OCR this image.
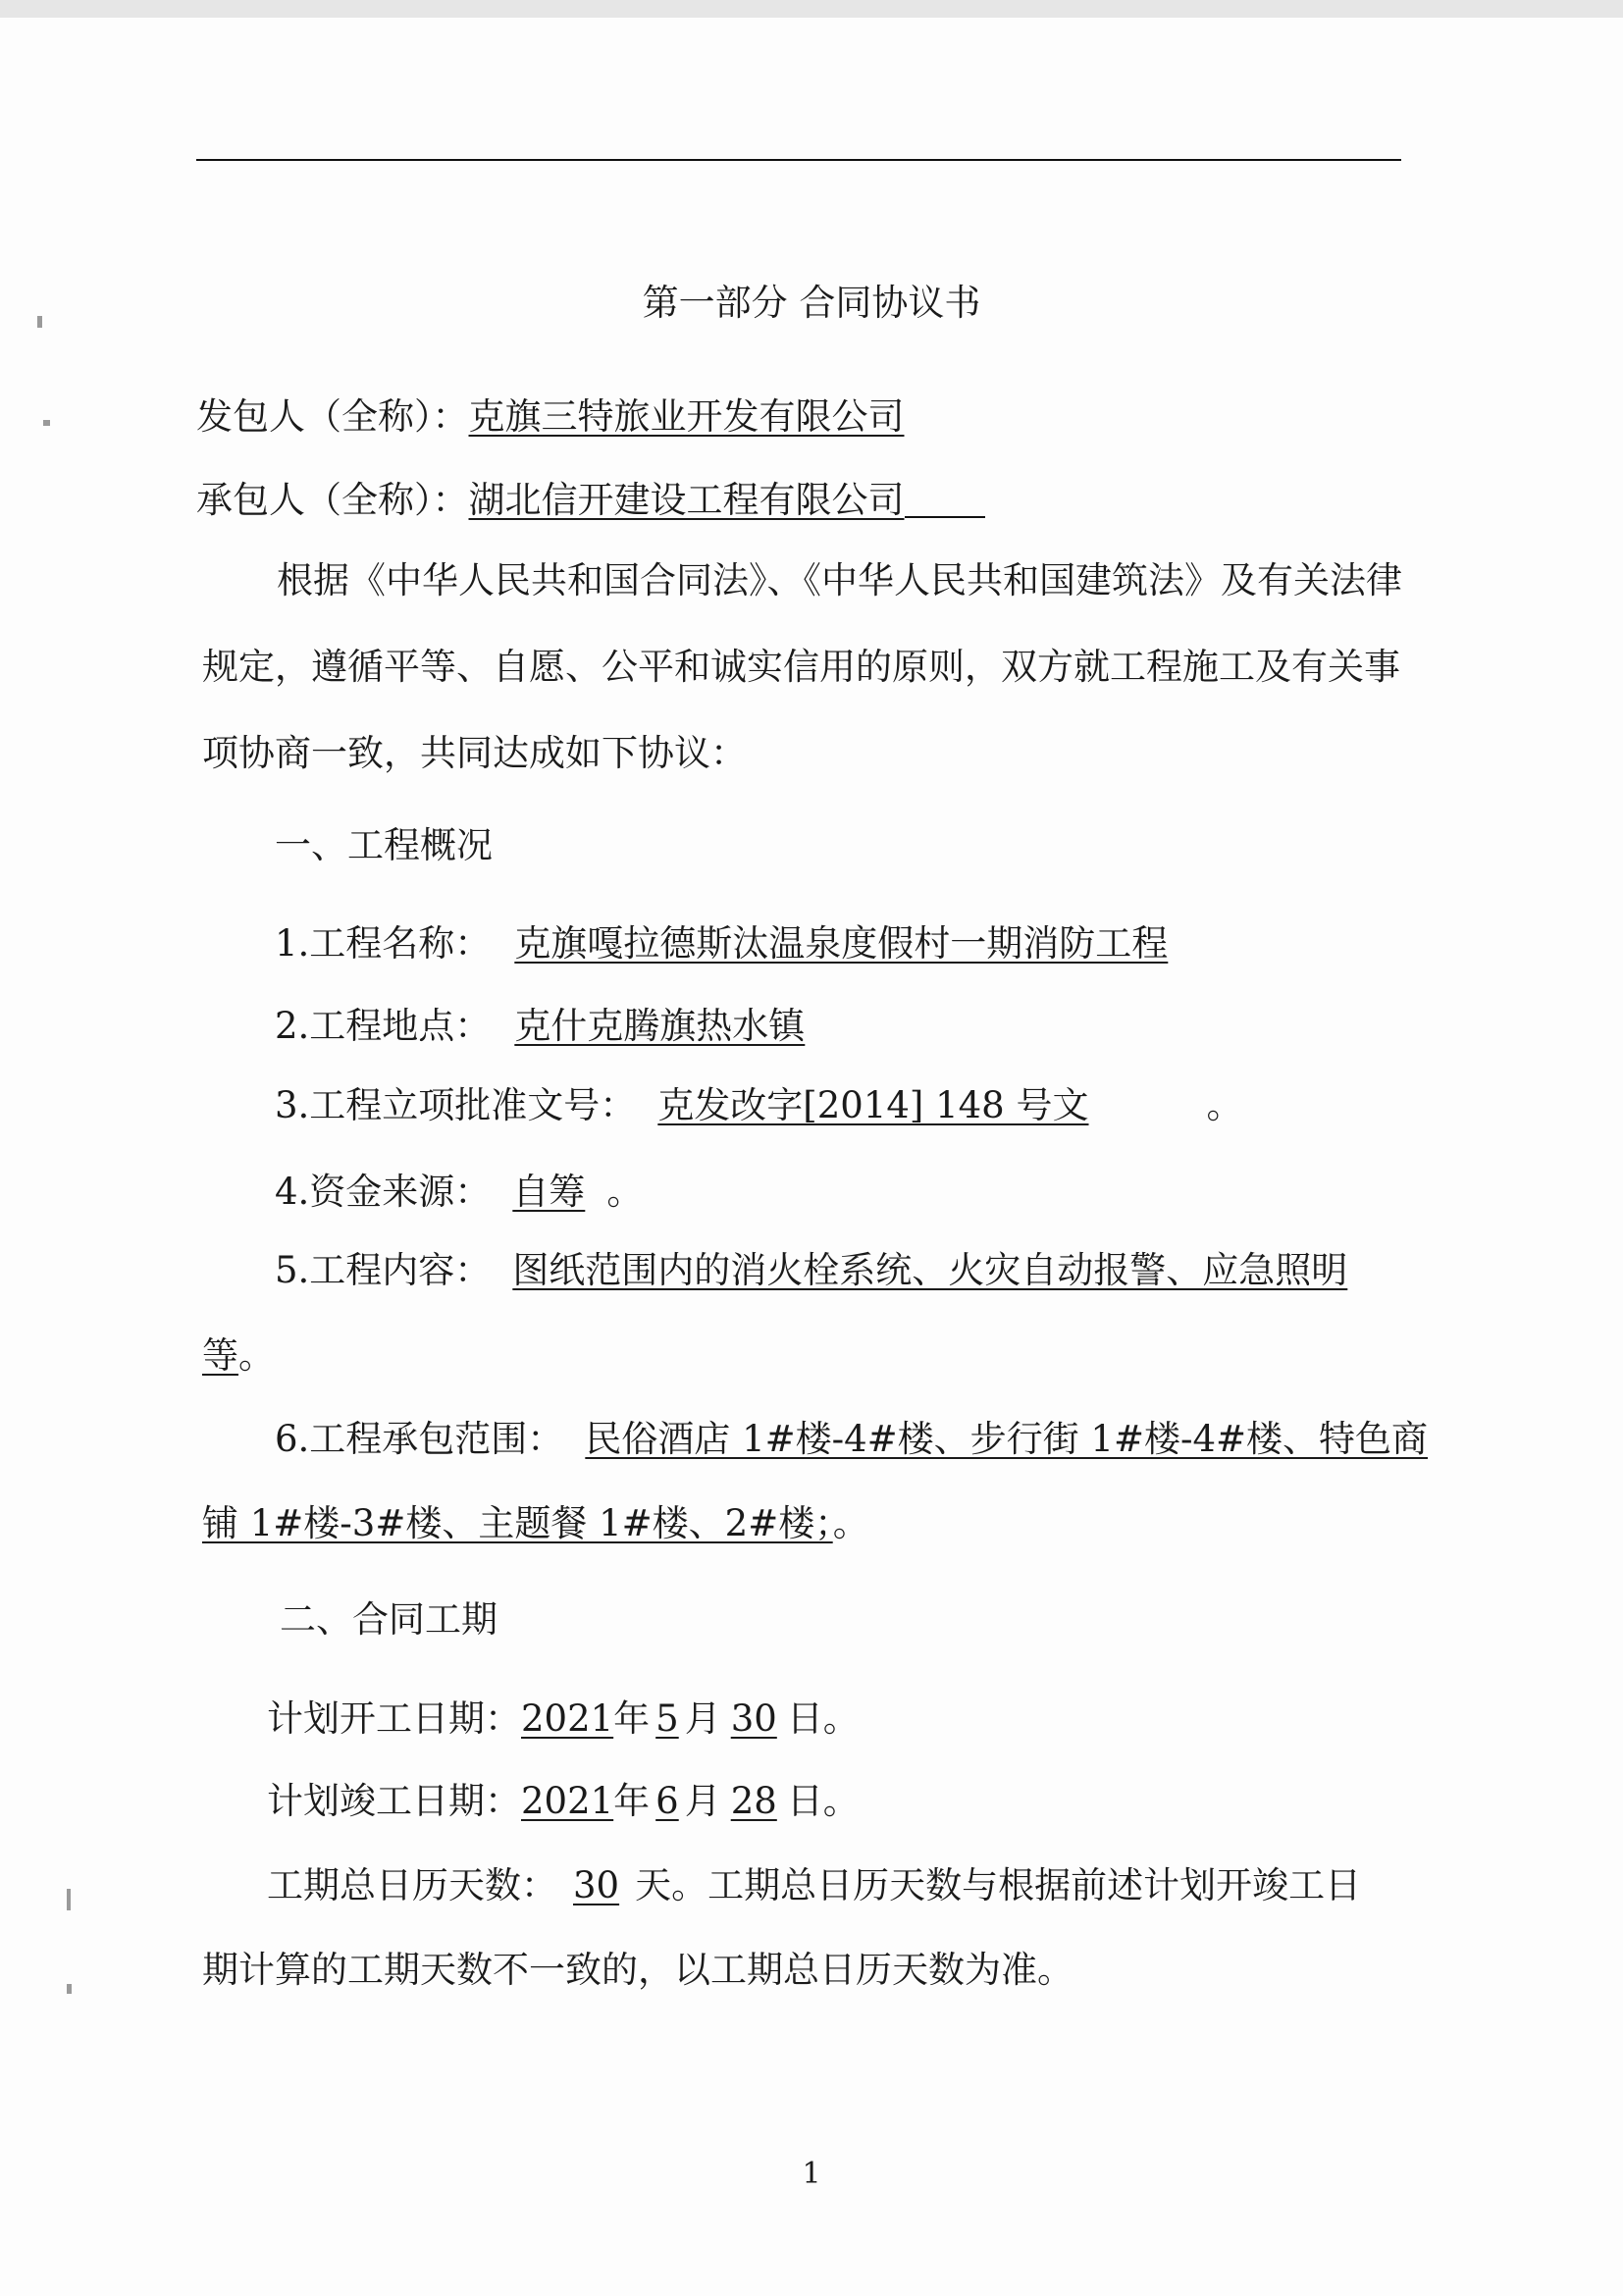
第一部分 合同协议书
发包人（全称）：克旗三特旅业开发有限公司
承包人（全称）：湖北信开建设工程有限公司
根据《中华人民共和国合同法》、《中华人民共和国建筑法》及有关法律规定，遵循平等、自愿、公平和诚实信用的原则，双方就工程施工及有关事项协商一致，共同达成如下协议：
一、工程概况
1.工程名称： 克旗嘎拉德斯汰温泉度假村一期消防工程
2.工程地点： 克什克腾旗热水镇
3.工程立项批准文号： 克发改字[2014] 148 号文	。
4.资金来源： 自筹 。
5.工程内容： 图纸范围内的消火栓系统、火灾自动报警、应急照明
等。
6.工程承包范围： 民俗酒店 1#楼-4#楼、步行街 1#楼-4#楼、特色商
铺 1#楼-3#楼、主题餐 1#楼、2#楼；。
二、合同工期
计划开工日期：2021年 5 月 30 日。
计划竣工日期：2021年 6 月 28 日。
工期总日历天数： 30 天。工期总日历天数与根据前述计划开竣工日
期计算的工期天数不一致的，以工期总日历天数为准。
1
